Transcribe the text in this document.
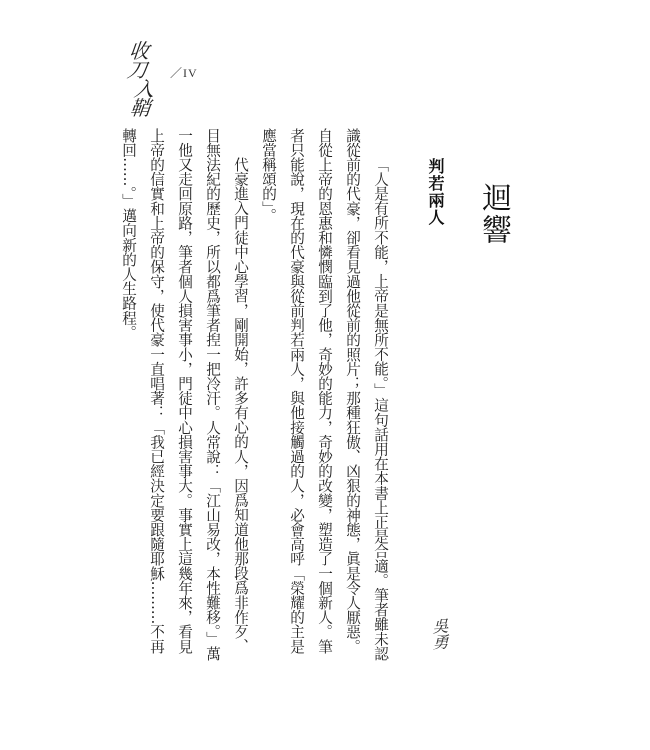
收刀
入
鞘
／IV
迴響
判若兩人

「人是有所不能，上帝是無所不能。」這句話用在本書上正是合適。筆者雖未認識從前的代豪，卻看見過他從前的照片；那種狂傲、凶狠的神態，眞是令人厭惡。自從上帝的恩惠和憐憫臨到了他，奇妙的能力，奇妙的改變，塑造了一個新人。筆者只能說，現在的代豪與從前判若兩人，與他接觸過的人，必會高呼「榮耀的主是應當稱頌的」。

代豪進入門徒中心學習，剛開始，許多有心的人，因爲知道他那段爲非作歹、目無法紀的歷史，所以都爲筆者揑一把冷汗。人常說：「江山易改，本性難移。」萬一他又走回原路，筆者個人損害事小，門徒中心損害事大。事實上這幾年來，看見上帝的信實和上帝的保守，使代豪一直唱著：「我已經決定要跟隨耶穌………不再轉回……。」邁向新的人生路程。

吳勇
